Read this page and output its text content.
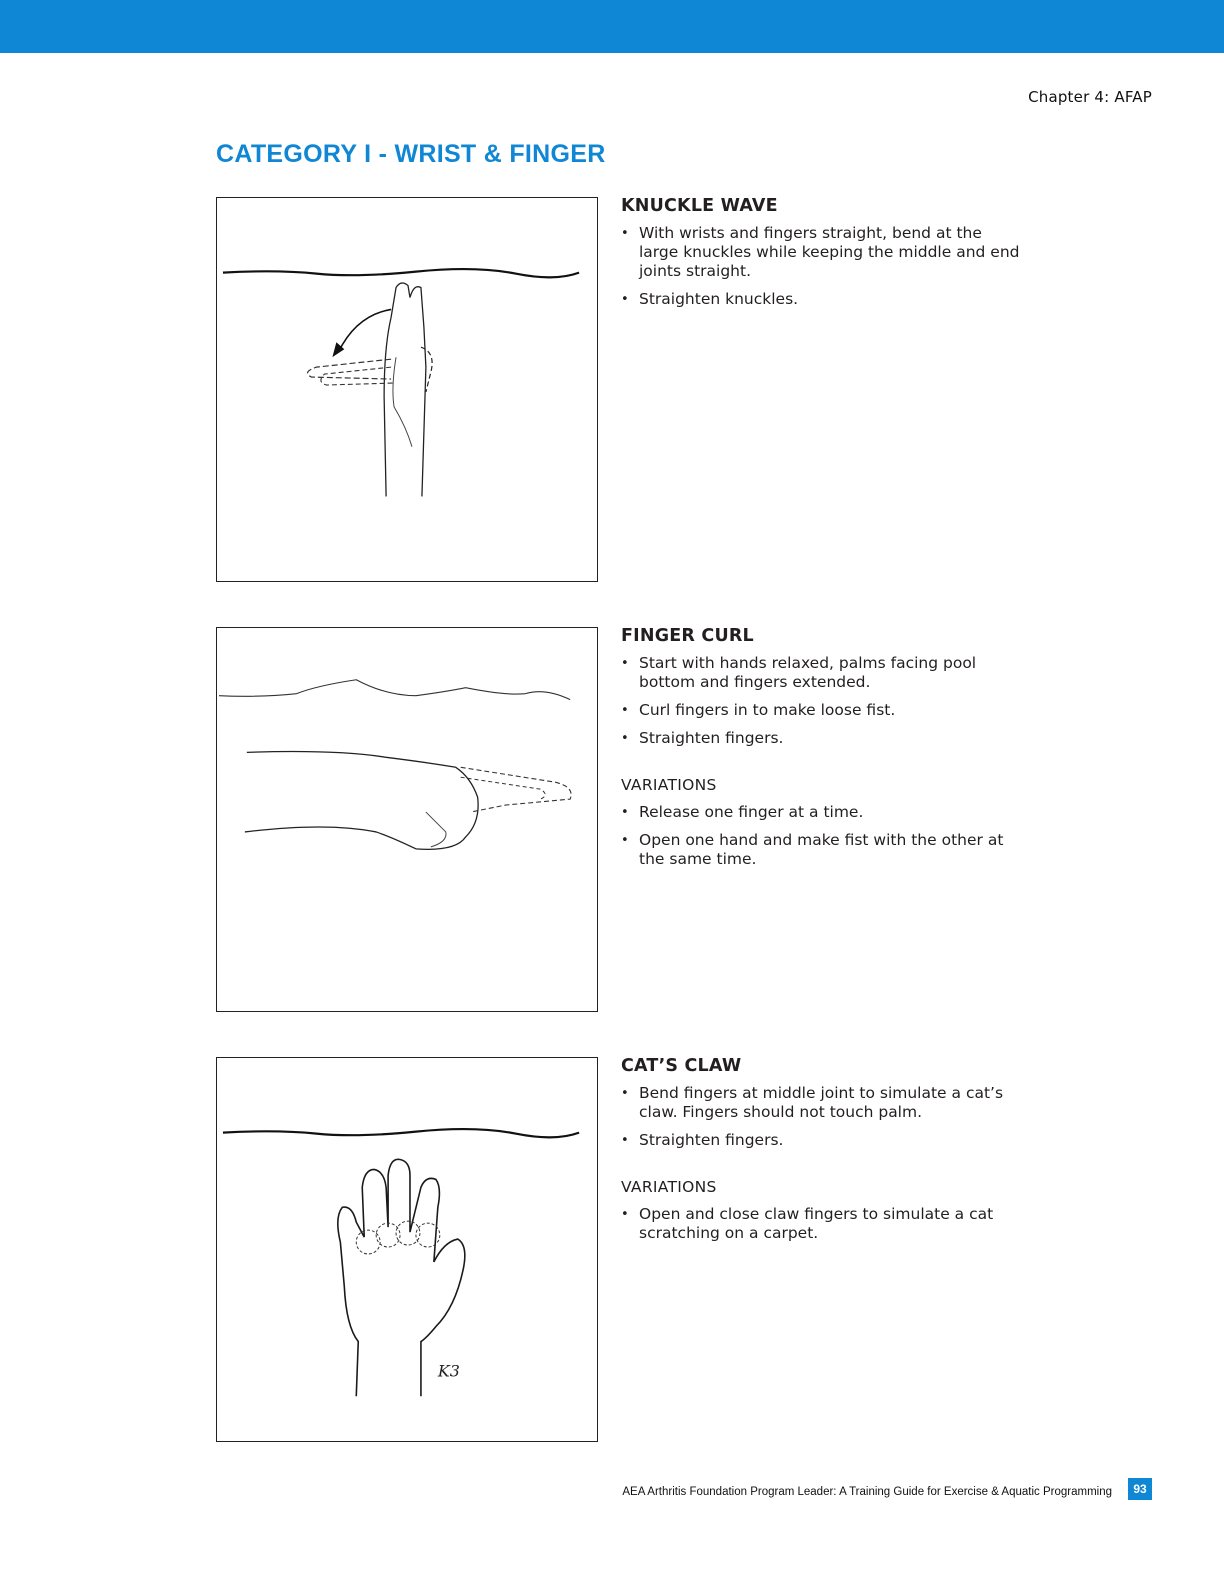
Chapter 4: AFAP
CATEGORY I - WRIST & FINGER
KNUCKLE WAVE
• With wrists and fingers straight, bend at the large knuckles while keeping the middle and end joints straight.
• Straighten knuckles.
FINGER CURL
• Start with hands relaxed, palms facing pool bottom and fingers extended.
• Curl fingers in to make loose fist.
• Straighten fingers.
VARIATIONS
• Release one finger at a time.
• Open one hand and make fist with the other at the same time.
K3
CAT’S CLAW
• Bend fingers at middle joint to simulate a cat’s claw. Fingers should not touch palm.
• Straighten fingers.
VARIATIONS
• Open and close claw fingers to simulate a cat scratching on a carpet.
AEA Arthritis Foundation Program Leader: A Training Guide for Exercise & Aquatic Programming	93
